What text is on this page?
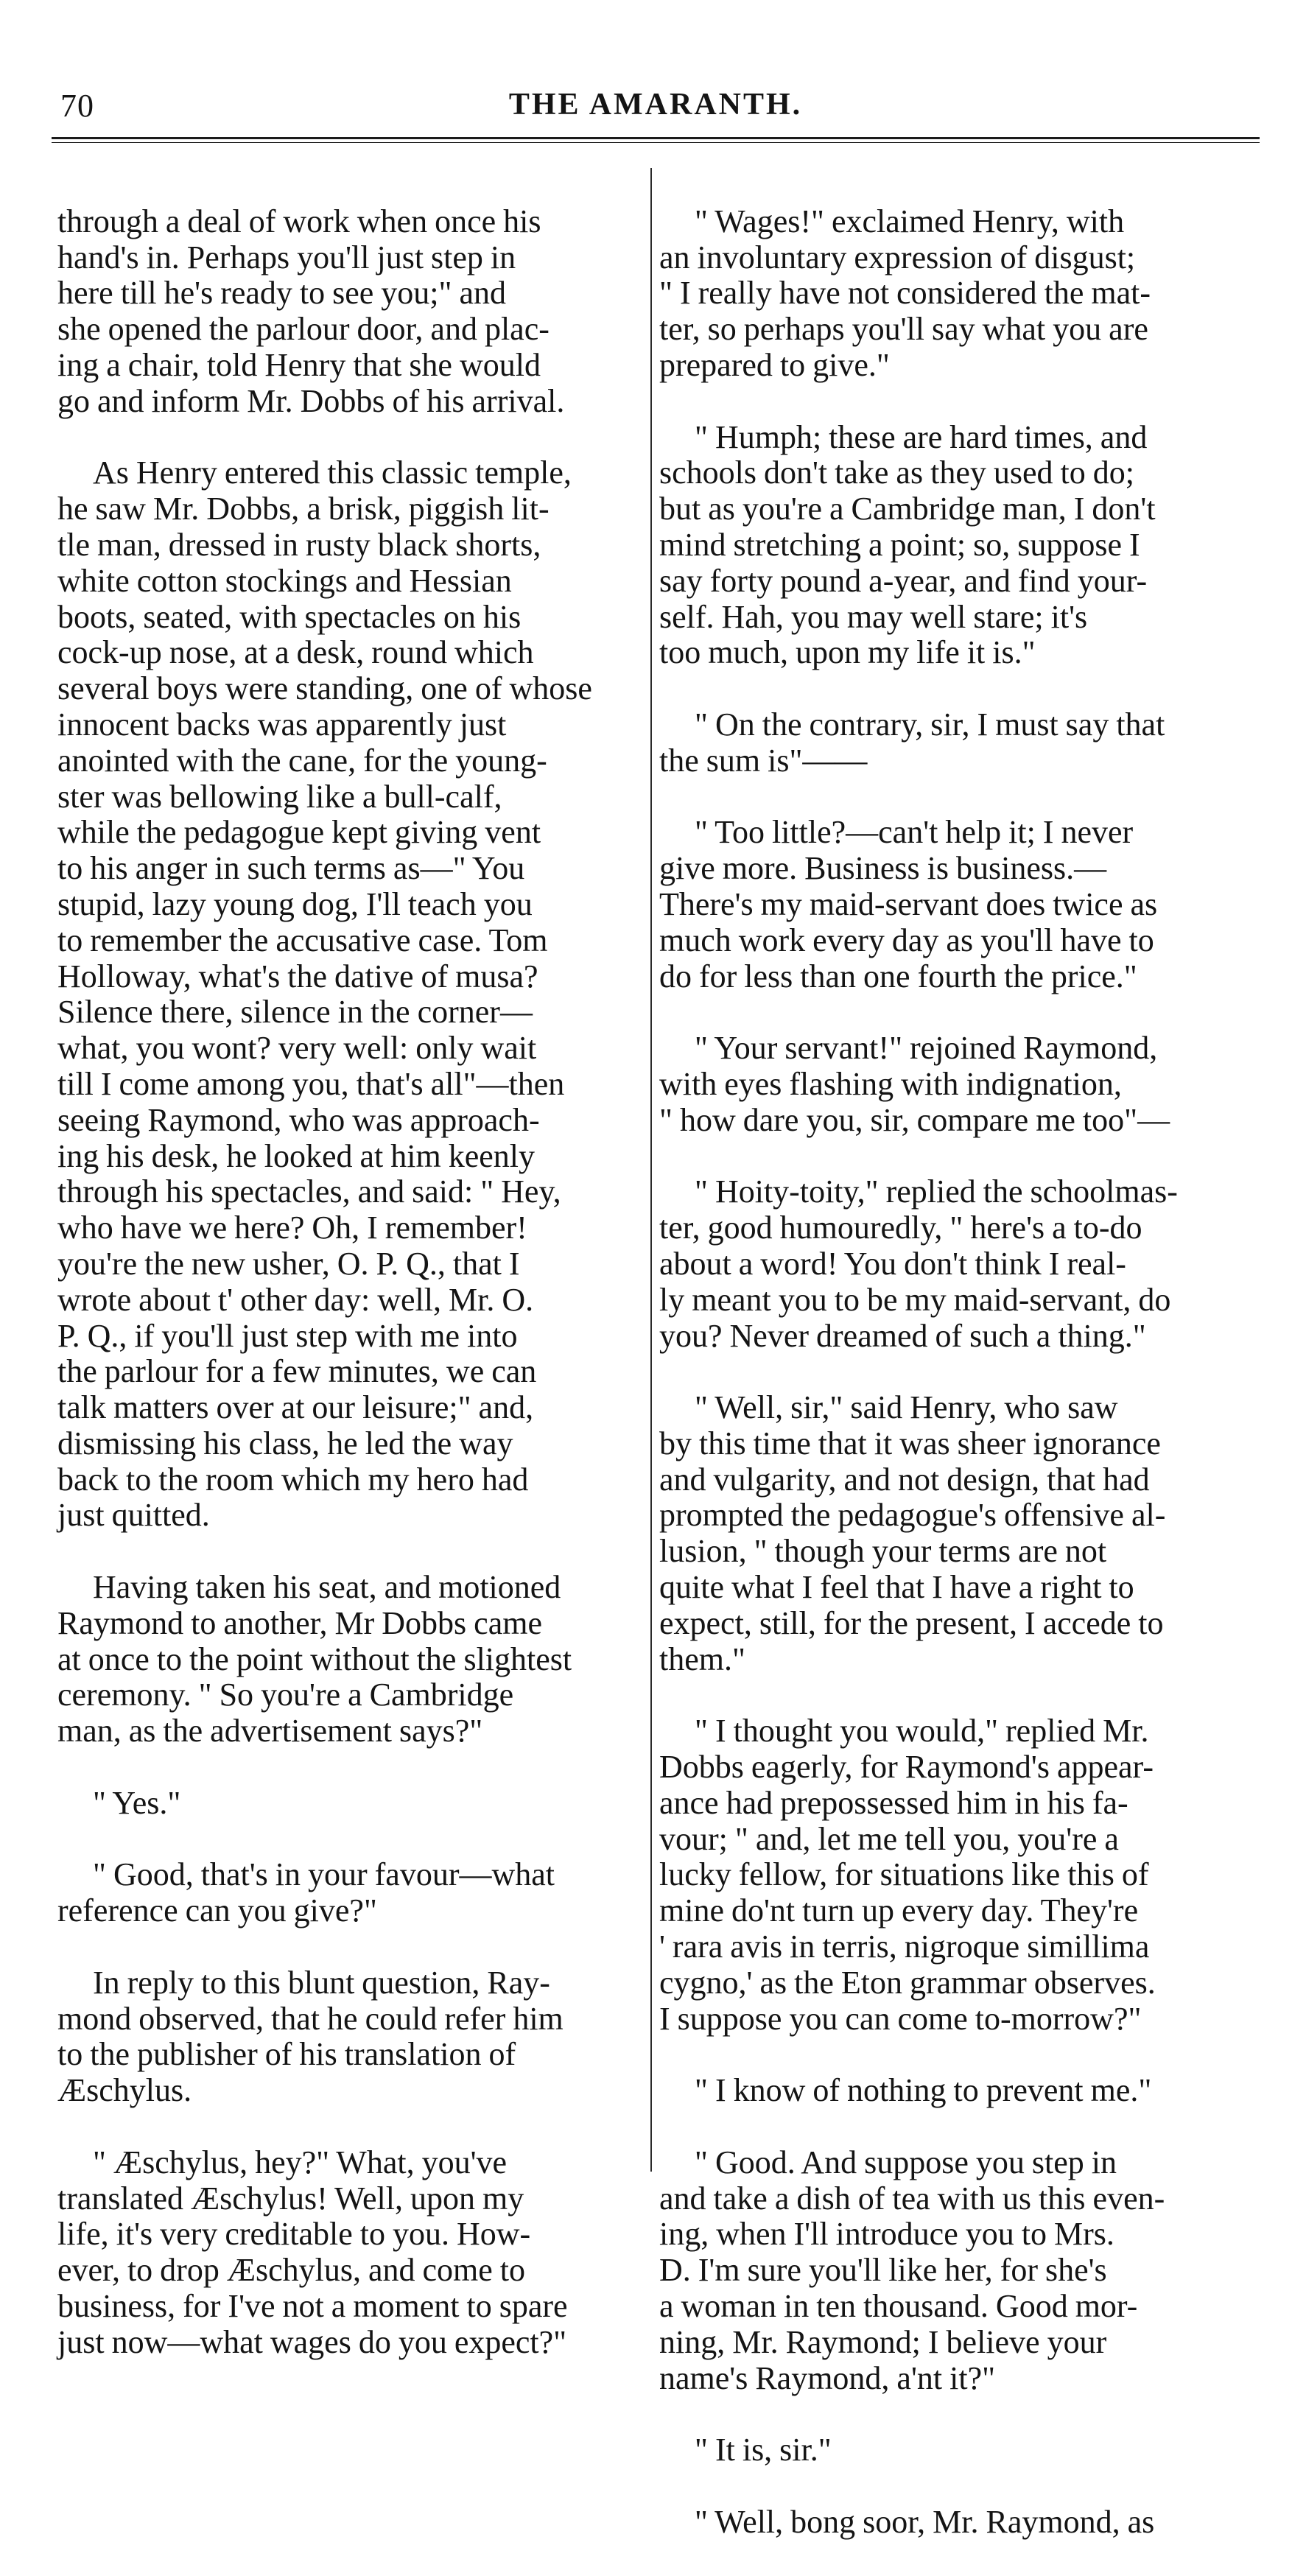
70	THE AMARANTH.

through a deal of work when once his
hand's in. Perhaps you'll just step in
here till he's ready to see you;" and
she opened the parlour door, and plac-
ing a chair, told Henry that she would
go and inform Mr. Dobbs of his arrival.

As Henry entered this classic temple,
he saw Mr. Dobbs, a brisk, piggish lit-
tle man, dressed in rusty black shorts,
white cotton stockings and Hessian
boots, seated, with spectacles on his
cock-up nose, at a desk, round which
several boys were standing, one of whose
innocent backs was apparently just
anointed with the cane, for the young-
ster was bellowing like a bull-calf,
while the pedagogue kept giving vent
to his anger in such terms as—" You
stupid, lazy young dog, I'll teach you
to remember the accusative case. Tom
Holloway, what's the dative of musa?
Silence there, silence in the corner—
what, you wont? very well: only wait
till I come among you, that's all"—then
seeing Raymond, who was approach-
ing his desk, he looked at him keenly
through his spectacles, and said: " Hey,
who have we here? Oh, I remember!
you're the new usher, O. P. Q., that I
wrote about t' other day: well, Mr. O.
P. Q., if you'll just step with me into
the parlour for a few minutes, we can
talk matters over at our leisure;" and,
dismissing his class, he led the way
back to the room which my hero had
just quitted.

Having taken his seat, and motioned
Raymond to another, Mr Dobbs came
at once to the point without the slightest
ceremony. " So you're a Cambridge
man, as the advertisement says?"

" Yes."

" Good, that's in your favour—what
reference can you give?"

In reply to this blunt question, Ray-
mond observed, that he could refer him
to the publisher of his translation of
Æschylus.

" Æschylus, hey?" What, you've
translated Æschylus! Well, upon my
life, it's very creditable to you. How-
ever, to drop Æschylus, and come to
business, for I've not a moment to spare
just now—what wages do you expect?"

" Wages!" exclaimed Henry, with
an involuntary expression of disgust;
" I really have not considered the mat-
ter, so perhaps you'll say what you are
prepared to give."

" Humph; these are hard times, and
schools don't take as they used to do;
but as you're a Cambridge man, I don't
mind stretching a point; so, suppose I
say forty pound a-year, and find your-
self. Hah, you may well stare; it's
too much, upon my life it is."

" On the contrary, sir, I must say that
the sum is"——

" Too little?—can't help it; I never
give more. Business is business.—
There's my maid-servant does twice as
much work every day as you'll have to
do for less than one fourth the price."

" Your servant!" rejoined Raymond,
with eyes flashing with indignation,
" how dare you, sir, compare me too"—

" Hoity-toity," replied the schoolmas-
ter, good humouredly, " here's a to-do
about a word! You don't think I real-
ly meant you to be my maid-servant, do
you? Never dreamed of such a thing."

" Well, sir," said Henry, who saw
by this time that it was sheer ignorance
and vulgarity, and not design, that had
prompted the pedagogue's offensive al-
lusion, " though your terms are not
quite what I feel that I have a right to
expect, still, for the present, I accede to
them."

" I thought you would," replied Mr.
Dobbs eagerly, for Raymond's appear-
ance had prepossessed him in his fa-
vour; " and, let me tell you, you're a
lucky fellow, for situations like this of
mine do'nt turn up every day. They're
' rara avis in terris, nigroque simillima
cygno,' as the Eton grammar observes.
I suppose you can come to-morrow?"

" I know of nothing to prevent me."

" Good. And suppose you step in
and take a dish of tea with us this even-
ing, when I'll introduce you to Mrs.
D. I'm sure you'll like her, for she's
a woman in ten thousand. Good mor-
ning, Mr. Raymond; I believe your
name's Raymond, a'nt it?"

" It is, sir."

" Well, bong soor, Mr. Raymond, as
